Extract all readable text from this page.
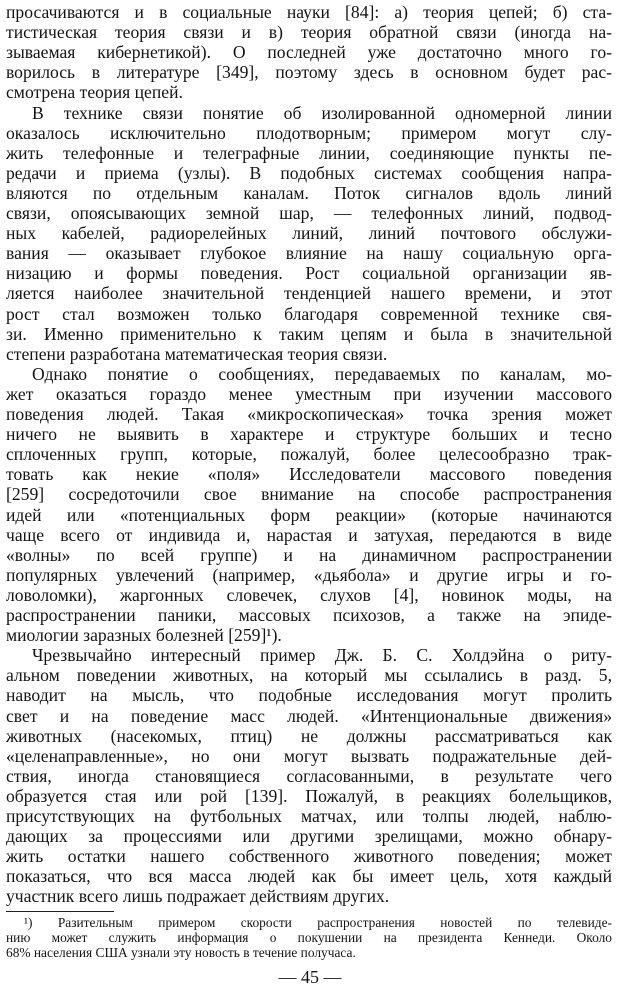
просачиваются и в социальные науки [84]: а) теория цепей; б) ста-
тистическая теория связи и в) теория обратной связи (иногда на-
зываемая кибернетикой). О последней уже достаточно много го-
ворилось в литературе [349], поэтому здесь в основном будет рас-
смотрена теория цепей.
В технике связи понятие об изолированной одномерной линии
оказалось исключительно плодотворным; примером могут слу-
жить телефонные и телеграфные линии, соединяющие пункты пе-
редачи и приема (узлы). В подобных системах сообщения напра-
вляются по отдельным каналам. Поток сигналов вдоль линий
связи, опоясывающих земной шар, — телефонных линий, подвод-
ных кабелей, радиорелейных линий, линий почтового обслужи-
вания — оказывает глубокое влияние на нашу социальную орга-
низацию и формы поведения. Рост социальной организации яв-
ляется наиболее значительной тенденцией нашего времени, и этот
рост стал возможен только благодаря современной технике свя-
зи. Именно применительно к таким цепям и была в значительной
степени разработана математическая теория связи.
Однако понятие о сообщениях, передаваемых по каналам, мо-
жет оказаться гораздо менее уместным при изучении массового
поведения людей. Такая «микроскопическая» точка зрения может
ничего не выявить в характере и структуре больших и тесно
сплоченных групп, которые, пожалуй, более целесообразно трак-
товать как некие «поля» Исследователи массового поведения
[259] сосредоточили свое внимание на способе распространения
идей или «потенциальных форм реакции» (которые начинаются
чаще всего от индивида и, нарастая и затухая, передаются в виде
«волны» по всей группе) и на динамичном распространении
популярных увлечений (например, «дьябола» и другие игры и го-
ловоломки), жаргонных словечек, слухов [4], новинок моды, на
распространении паники, массовых психозов, а также на эпиде-
миологии заразных болезней [259]¹).
Чрезвычайно интересный пример Дж. Б. С. Холдэйна о риту-
альном поведении животных, на который мы ссылались в разд. 5,
наводит на мысль, что подобные исследования могут пролить
свет и на поведение масс людей. «Интенциональные движения»
животных (насекомых, птиц) не должны рассматриваться как
«целенаправленные», но они могут вызвать подражательные дей-
ствия, иногда становящиеся согласованными, в результате чего
образуется стая или рой [139]. Пожалуй, в реакциях болельщиков,
присутствующих на футбольных матчах, или толпы людей, наблю-
дающих за процессиями или другими зрелищами, можно обнару-
жить остатки нашего собственного животного поведения; может
показаться, что вся масса людей как бы имеет цель, хотя каждый
участник всего лишь подражает действиям других.
¹) Разительным примером скорости распространения новостей по телевиде-
нию может служить информация о покушении на президента Кеннеди. Около
68% населения США узнали эту новость в течение получаса.
— 45 —
